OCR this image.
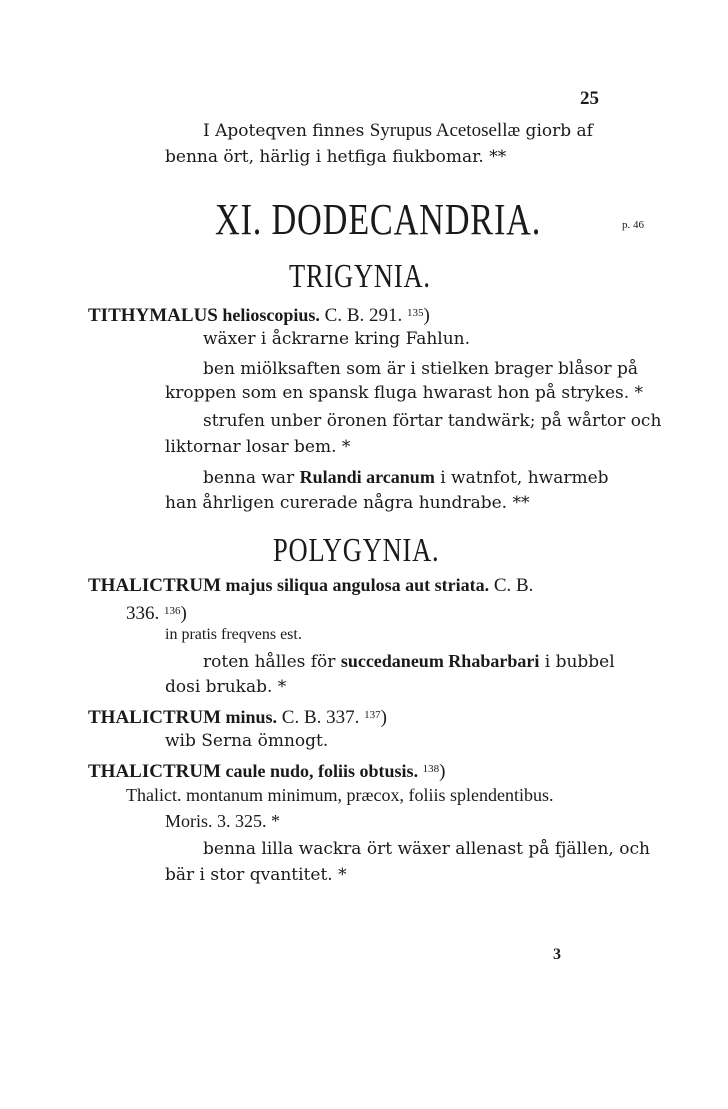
25
I Apoteqven finnes Syrupus Acetosellæ giorb af
benna ört, härlig i hetfiga fiukbomar. **
XI. DODECANDRIA.	p. 46
TRIGYNIA.
TITHYMALUS helioscopius. C. B. 291. $^{135}$)
wäxer i åckrarne kring Fahlun.
ben miölksaften som är i stielken brager blåsor på
kroppen som en spansk fluga hwarast hon på strykes. *
strufen unber öronen förtar tandwärk; på wårtor och
liktornar losar bem. *
benna war Rulandi arcanum i watnfot, hwarmeb
han åhrligen curerade några hundrabe. **
POLYGYNIA.
THALICTRUM majus siliqua angulosa aut striata. C. B.
336. $^{136}$)
in pratis freqvens est.
roten hålles för succedaneum Rhabarbari i bubbel
dosi brukab. *
THALICTRUM minus. C. B. 337. $^{137}$)
wib Serna ömnogt.
THALICTRUM caule nudo, foliis obtusis. $^{138}$)
Thalict. montanum minimum, præcox, foliis splendentibus.
Moris. 3. 325. *
benna lilla wackra ört wäxer allenast på fjällen, och
bär i stor qvantitet. *
3
